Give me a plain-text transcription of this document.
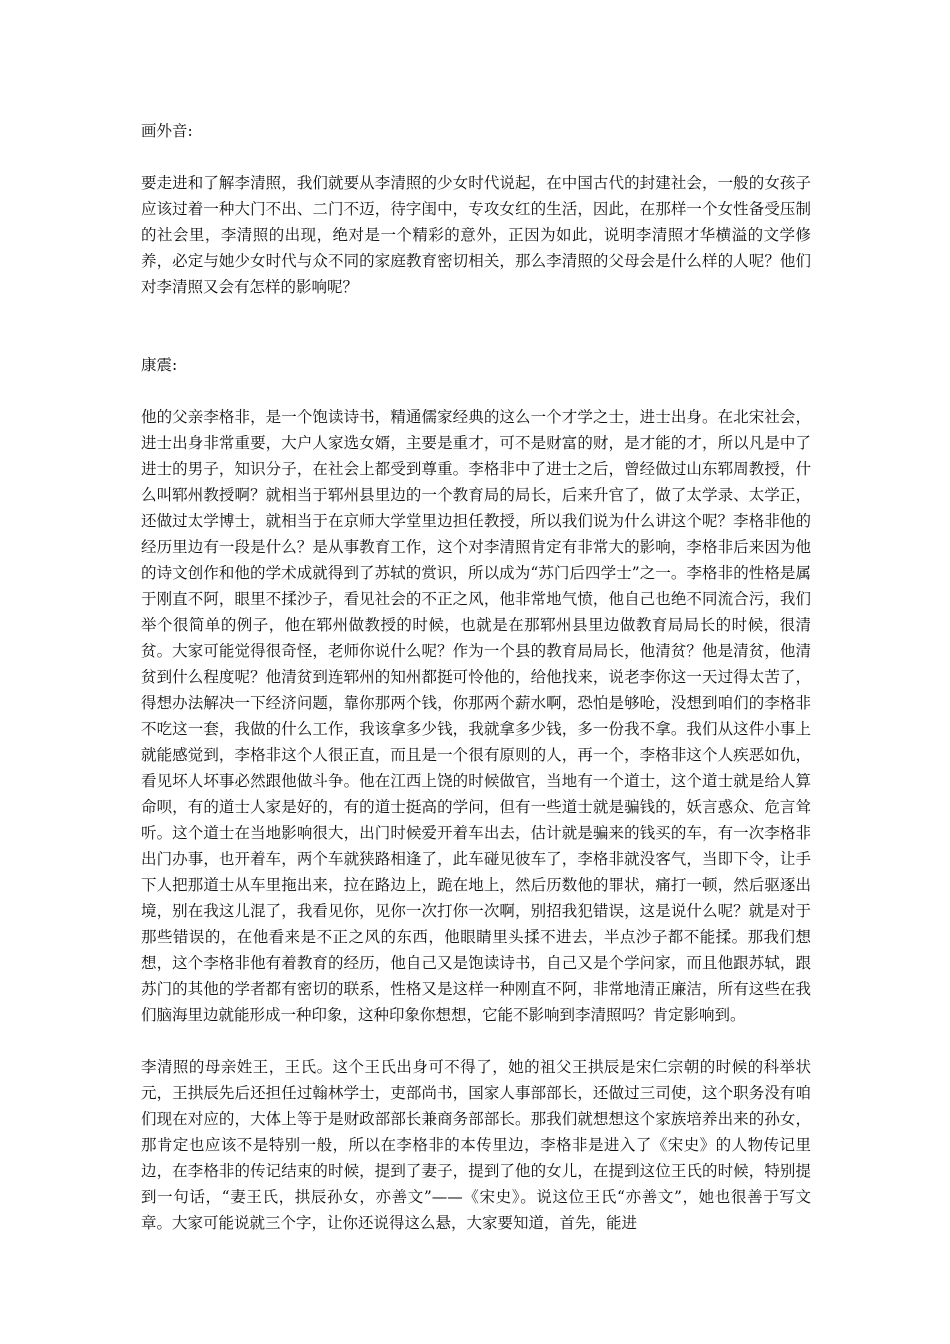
画外音:

要走进和了解李清照，我们就要从李清照的少女时代说起，在中国古代的封建社会，一般的女孩子应该过着一种大门不出、二门不迈，待字闺中，专攻女红的生活，因此，在那样一个女性备受压制的社会里，李清照的出现，绝对是一个精彩的意外，正因为如此，说明李清照才华横溢的文学修养，必定与她少女时代与众不同的家庭教育密切相关，那么李清照的父母会是什么样的人呢？他们对李清照又会有怎样的影响呢？

康震:

他的父亲李格非，是一个饱读诗书，精通儒家经典的这么一个才学之士，进士出身。在北宋社会，进士出身非常重要，大户人家选女婿，主要是重才，可不是财富的财，是才能的才，所以凡是中了进士的男子，知识分子，在社会上都受到尊重。李格非中了进士之后，曾经做过山东郓周教授，什么叫郓州教授啊？就相当于郓州县里边的一个教育局的局长，后来升官了，做了太学录、太学正，还做过太学博士，就相当于在京师大学堂里边担任教授，所以我们说为什么讲这个呢？李格非他的经历里边有一段是什么？是从事教育工作，这个对李清照肯定有非常大的影响，李格非后来因为他的诗文创作和他的学术成就得到了苏轼的赏识，所以成为“苏门后四学士”之一。李格非的性格是属于刚直不阿，眼里不揉沙子，看见社会的不正之风，他非常地气愤，他自己也绝不同流合污，我们举个很简单的例子，他在郓州做教授的时候，也就是在那郓州县里边做教育局局长的时候，很清贫。大家可能觉得很奇怪，老师你说什么呢？作为一个县的教育局局长，他清贫？他是清贫，他清贫到什么程度呢？他清贫到连郓州的知州都挺可怜他的，给他找来，说老李你这一天过得太苦了，得想办法解决一下经济问题，靠你那两个钱，你那两个薪水啊，恐怕是够呛，没想到咱们的李格非不吃这一套，我做的什么工作，我该拿多少钱，我就拿多少钱，多一份我不拿。我们从这件小事上就能感觉到，李格非这个人很正直，而且是一个很有原则的人，再一个，李格非这个人疾恶如仇，看见坏人坏事必然跟他做斗争。他在江西上饶的时候做官，当地有一个道士，这个道士就是给人算命呗，有的道士人家是好的，有的道士挺高的学问，但有一些道士就是骗钱的，妖言惑众、危言耸听。这个道士在当地影响很大，出门时候爱开着车出去，估计就是骗来的钱买的车，有一次李格非出门办事，也开着车，两个车就狭路相逢了，此车碰见彼车了，李格非就没客气，当即下令，让手下人把那道士从车里拖出来，拉在路边上，跪在地上，然后历数他的罪状，痛打一顿，然后驱逐出境，别在我这儿混了，我看见你，见你一次打你一次啊，别招我犯错误，这是说什么呢？就是对于那些错误的，在他看来是不正之风的东西，他眼睛里头揉不进去，半点沙子都不能揉。那我们想想，这个李格非他有着教育的经历，他自己又是饱读诗书，自己又是个学问家，而且他跟苏轼，跟苏门的其他的学者都有密切的联系，性格又是这样一种刚直不阿，非常地清正廉洁，所有这些在我们脑海里边就能形成一种印象，这种印象你想想，它能不影响到李清照吗？肯定影响到。

李清照的母亲姓王，王氏。这个王氏出身可不得了，她的祖父王拱辰是宋仁宗朝的时候的科举状元，王拱辰先后还担任过翰林学士，吏部尚书，国家人事部部长，还做过三司使，这个职务没有咱们现在对应的，大体上等于是财政部部长兼商务部部长。那我们就想想这个家族培养出来的孙女，那肯定也应该不是特别一般，所以在李格非的本传里边，李格非是进入了《宋史》的人物传记里边，在李格非的传记结束的时候，提到了妻子，提到了他的女儿，在提到这位王氏的时候，特别提到一句话，“妻王氏，拱辰孙女，亦善文”——《宋史》。说这位王氏“亦善文”，她也很善于写文章。大家可能说就三个字，让你还说得这么悬，大家要知道，首先，能进
